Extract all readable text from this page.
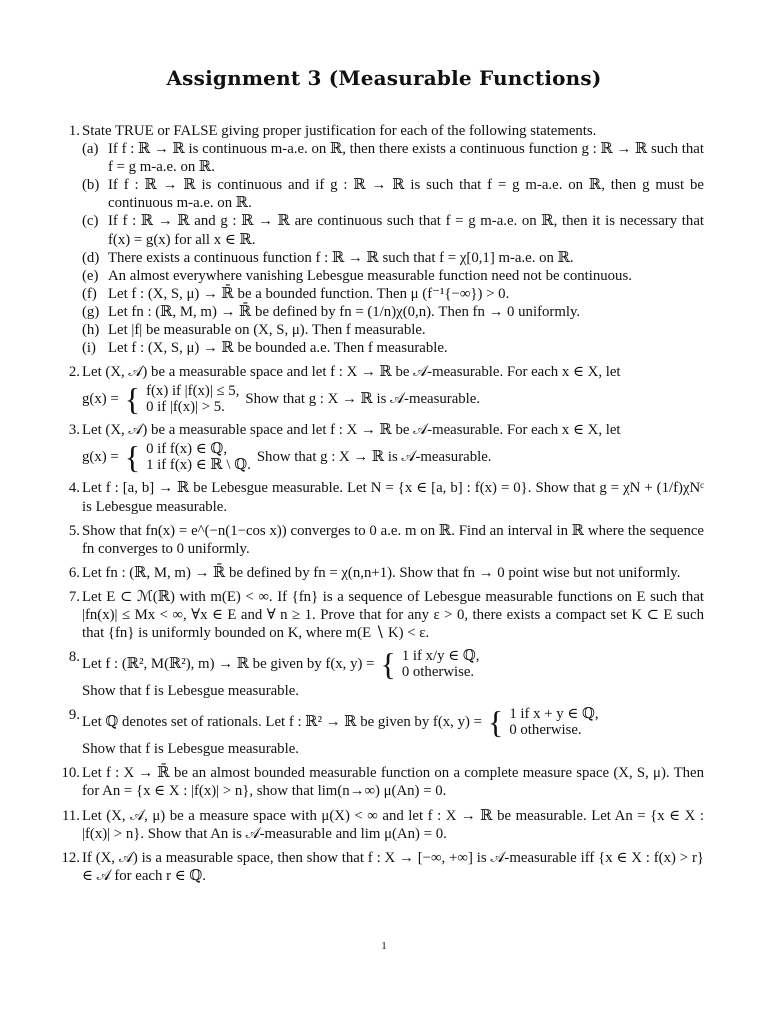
Assignment 3 (Measurable Functions)
1. State TRUE or FALSE giving proper justification for each of the following statements.
(a) If f : ℝ → ℝ is continuous m-a.e. on ℝ, then there exists a continuous function g : ℝ → ℝ such that f = g m-a.e. on ℝ.
(b) If f : ℝ → ℝ is continuous and if g : ℝ → ℝ is such that f = g m-a.e. on ℝ, then g must be continuous m-a.e. on ℝ.
(c) If f : ℝ → ℝ and g : ℝ → ℝ are continuous such that f = g m-a.e. on ℝ, then it is necessary that f(x) = g(x) for all x ∈ ℝ.
(d) There exists a continuous function f : ℝ → ℝ such that f = χ[0,1] m-a.e. on ℝ.
(e) An almost everywhere vanishing Lebesgue measurable function need not be continuous.
(f) Let f : (X, S, μ) → ℝ̄ be a bounded function. Then μ (f⁻¹{−∞}) > 0.
(g) Let fn : (ℝ, M, m) → ℝ̄ be defined by fn = (1/n)χ(0,n). Then fn → 0 uniformly.
(h) Let |f| be measurable on (X, S, μ). Then f measurable.
(i) Let f : (X, S, μ) → ℝ be bounded a.e. Then f measurable.
2. Let (X, 𝒜) be a measurable space and let f : X → ℝ be 𝒜-measurable. For each x ∈ X, let
g(x) = { f(x) if |f(x)| ≤ 5,
0 if |f(x)| > 5.
Show that g : X → ℝ is 𝒜-measurable.
3. Let (X, 𝒜) be a measurable space and let f : X → ℝ be 𝒜-measurable. For each x ∈ X, let
g(x) = { 0 if f(x) ∈ ℚ,
1 if f(x) ∈ ℝ \ ℚ.
Show that g : X → ℝ is 𝒜-measurable.
4. Let f : [a, b] → ℝ be Lebesgue measurable. Let N = {x ∈ [a, b] : f(x) = 0}. Show that g = χN + (1/f)χNᶜ is Lebesgue measurable.
5. Show that fn(x) = e^(−n(1−cos x)) converges to 0 a.e. m on ℝ. Find an interval in ℝ where the sequence fn converges to 0 uniformly.
6. Let fn : (ℝ, M, m) → ℝ̄ be defined by fn = χ(n,n+1). Show that fn → 0 point wise but not uniformly.
7. Let E ⊂ ℳ(ℝ) with m(E) < ∞. If {fn} is a sequence of Lebesgue measurable functions on E such that |fn(x)| ≤ Mx < ∞, ∀x ∈ E and ∀ n ≥ 1. Prove that for any ε > 0, there exists a compact set K ⊂ E such that {fn} is uniformly bounded on K, where m(E ∖ K) < ε.
8. Let f : (ℝ², M(ℝ²), m) → ℝ be given by f(x, y) = { 1 if x/y ∈ ℚ,
0 otherwise.
Show that f is Lebesgue measurable.
9. Let ℚ denotes set of rationals. Let f : ℝ² → ℝ be given by f(x, y) = { 1 if x + y ∈ ℚ,
0 otherwise.
Show that f is Lebesgue measurable.
10. Let f : X → ℝ̄ be an almost bounded measurable function on a complete measure space (X, S, μ). Then for An = {x ∈ X : |f(x)| > n}, show that lim(n→∞) μ(An) = 0.
11. Let (X, 𝒜, μ) be a measure space with μ(X) < ∞ and let f : X → ℝ be measurable. Let An = {x ∈ X : |f(x)| > n}. Show that An is 𝒜-measurable and lim μ(An) = 0.
12. If (X, 𝒜) is a measurable space, then show that f : X → [−∞, +∞] is 𝒜-measurable iff {x ∈ X : f(x) > r} ∈ 𝒜 for each r ∈ ℚ.
1
